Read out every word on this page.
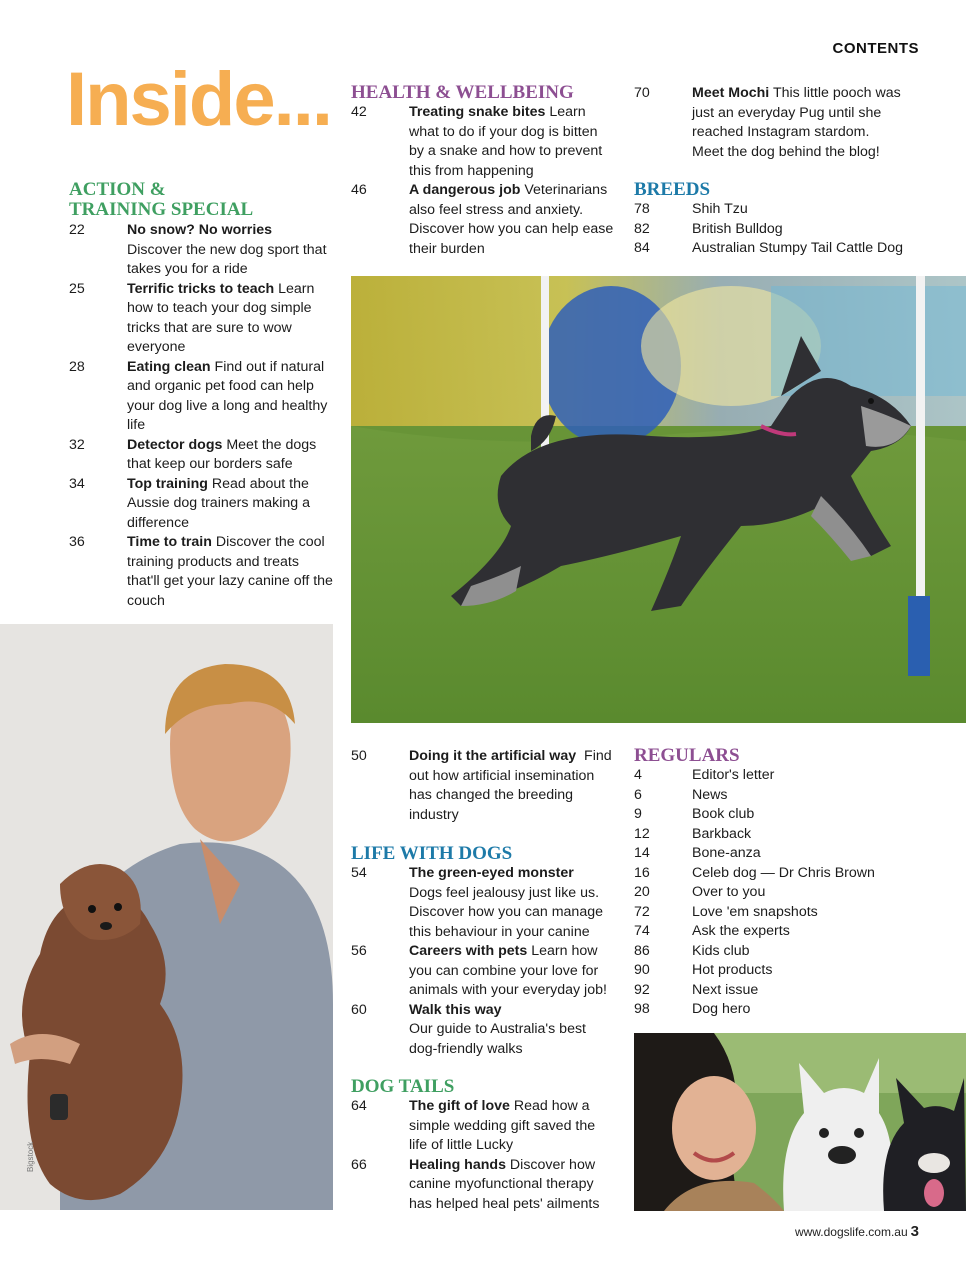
CONTENTS
Inside...
ACTION &
TRAINING SPECIAL
22	No snow? No worries
Discover the new dog sport that takes you for a ride
25	Terrific tricks to teach Learn how to teach your dog simple tricks that are sure to wow everyone
28	Eating clean Find out if natural and organic pet food can help your dog live a long and healthy life
32	Detector dogs Meet the dogs that keep our borders safe
34	Top training Read about the Aussie dog trainers making a difference
36	Time to train Discover the cool training products and treats that'll get your lazy canine off the couch
HEALTH & WELLBEING
42	Treating snake bites Learn what to do if your dog is bitten by a snake and how to prevent this from happening
46	A dangerous job Veterinarians also feel stress and anxiety. Discover how you can help ease their burden
70	Meet Mochi This little pooch was just an everyday Pug until she reached Instagram stardom. Meet the dog behind the blog!
BREEDS
78	Shih Tzu
82	British Bulldog
84	Australian Stumpy Tail Cattle Dog
Bigstock
50	Doing it the artificial way Find out how artificial insemination has changed the breeding industry
LIFE WITH DOGS
54	The green-eyed monster
Dogs feel jealousy just like us. Discover how you can manage this behaviour in your canine
56	Careers with pets Learn how you can combine your love for animals with your everyday job!
60	Walk this way
Our guide to Australia's best dog-friendly walks
DOG TAILS
64	The gift of love Read how a simple wedding gift saved the life of little Lucky
66	Healing hands Discover how canine myofunctional therapy has helped heal pets' ailments
REGULARS
4	Editor's letter
6	News
9	Book club
12	Barkback
14	Bone-anza
16	Celeb dog — Dr Chris Brown
20	Over to you
72	Love 'em snapshots
74	Ask the experts
86	Kids club
90	Hot products
92	Next issue
98	Dog hero
www.dogslife.com.au 3
